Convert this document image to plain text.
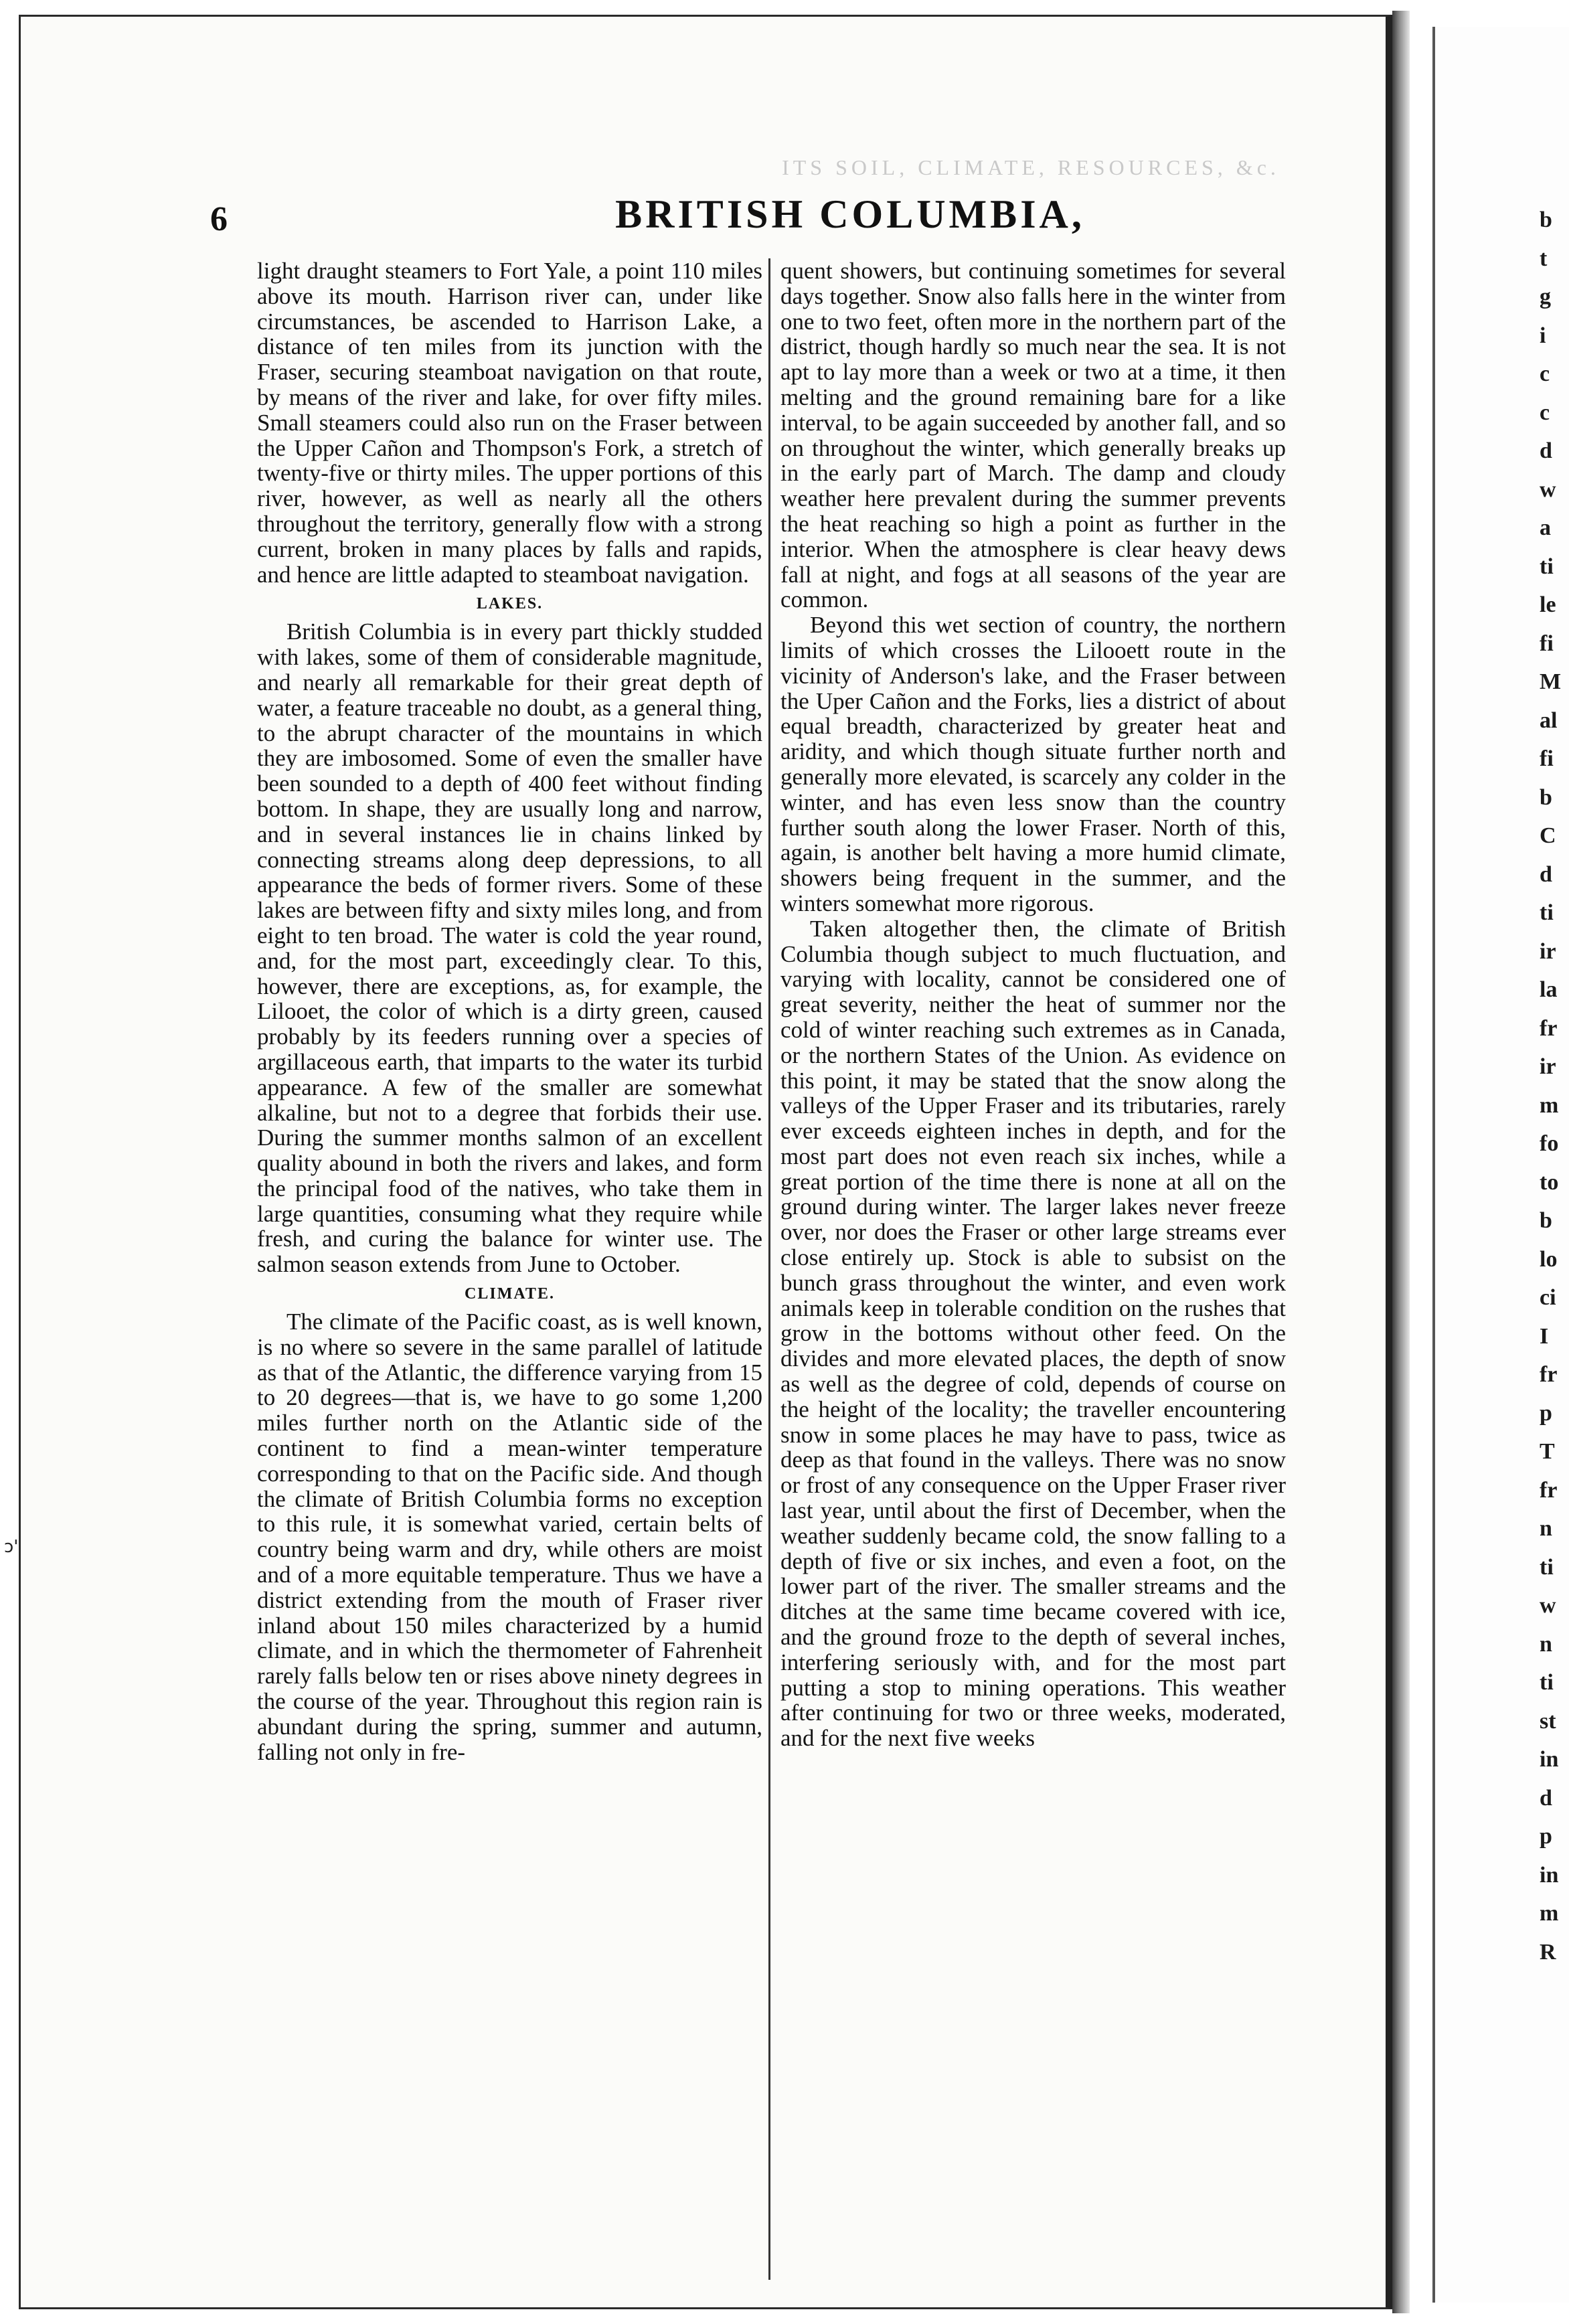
ITS SOIL, CLIMATE, RESOURCES, &c.
6	BRITISH COLUMBIA,

light draught steamers to Fort Yale, a point 110 miles above its mouth. Harrison river can, under like circumstances, be ascended to Harrison Lake, a distance of ten miles from its junction with the Fraser, securing steamboat navigation on that route, by means of the river and lake, for over fifty miles. Small steamers could also run on the Fraser between the Upper Cañon and Thompson's Fork, a stretch of twenty-five or thirty miles. The upper portions of this river, however, as well as nearly all the others throughout the territory, generally flow with a strong current, broken in many places by falls and rapids, and hence are little adapted to steamboat navigation.

LAKES.

British Columbia is in every part thickly studded with lakes, some of them of considerable magnitude, and nearly all remarkable for their great depth of water, a feature traceable no doubt, as a general thing, to the abrupt character of the mountains in which they are imbosomed. Some of even the smaller have been sounded to a depth of 400 feet without finding bottom. In shape, they are usually long and narrow, and in several instances lie in chains linked by connecting streams along deep depressions, to all appearance the beds of former rivers. Some of these lakes are between fifty and sixty miles long, and from eight to ten broad. The water is cold the year round, and, for the most part, exceedingly clear. To this, however, there are exceptions, as, for example, the Lilooet, the color of which is a dirty green, caused probably by its feeders running over a species of argillaceous earth, that imparts to the water its turbid appearance. A few of the smaller are somewhat alkaline, but not to a degree that forbids their use. During the summer months salmon of an excellent quality abound in both the rivers and lakes, and form the principal food of the natives, who take them in large quantities, consuming what they require while fresh, and curing the balance for winter use. The salmon season extends from June to October.

CLIMATE.

The climate of the Pacific coast, as is well known, is no where so severe in the same parallel of latitude as that of the Atlantic, the difference varying from 15 to 20 degrees—that is, we have to go some 1,200 miles further north on the Atlantic side of the continent to find a mean-winter temperature corresponding to that on the Pacific side. And though the climate of British Columbia forms no exception to this rule, it is somewhat varied, certain belts of country being warm and dry, while others are moist and of a more equitable temperature. Thus we have a district extending from the mouth of Fraser river inland about 150 miles characterized by a humid climate, and in which the thermometer of Fahrenheit rarely falls below ten or rises above ninety degrees in the course of the year. Throughout this region rain is abundant during the spring, summer and autumn, falling not only in fre-

quent showers, but continuing sometimes for several days together. Snow also falls here in the winter from one to two feet, often more in the northern part of the district, though hardly so much near the sea. It is not apt to lay more than a week or two at a time, it then melting and the ground remaining bare for a like interval, to be again succeeded by another fall, and so on throughout the winter, which generally breaks up in the early part of March. The damp and cloudy weather here prevalent during the summer prevents the heat reaching so high a point as further in the interior. When the atmosphere is clear heavy dews fall at night, and fogs at all seasons of the year are common.

Beyond this wet section of country, the northern limits of which crosses the Lilooett route in the vicinity of Anderson's lake, and the Fraser between the Uper Cañon and the Forks, lies a district of about equal breadth, characterized by greater heat and aridity, and which though situate further north and generally more elevated, is scarcely any colder in the winter, and has even less snow than the country further south along the lower Fraser. North of this, again, is another belt having a more humid climate, showers being frequent in the summer, and the winters somewhat more rigorous.

Taken altogether then, the climate of British Columbia though subject to much fluctuation, and varying with locality, cannot be considered one of great severity, neither the heat of summer nor the cold of winter reaching such extremes as in Canada, or the northern States of the Union. As evidence on this point, it may be stated that the snow along the valleys of the Upper Fraser and its tributaries, rarely ever exceeds eighteen inches in depth, and for the most part does not even reach six inches, while a great portion of the time there is none at all on the ground during winter. The larger lakes never freeze over, nor does the Fraser or other large streams ever close entirely up. Stock is able to subsist on the bunch grass throughout the winter, and even work animals keep in tolerable condition on the rushes that grow in the bottoms without other feed. On the divides and more elevated places, the depth of snow as well as the degree of cold, depends of course on the height of the locality; the traveller encountering snow in some places he may have to pass, twice as deep as that found in the valleys. There was no snow or frost of any consequence on the Upper Fraser river last year, until about the first of December, when the weather suddenly became cold, the snow falling to a depth of five or six inches, and even a foot, on the lower part of the river. The smaller streams and the ditches at the same time became covered with ice, and the ground froze to the depth of several inches, interfering seriously with, and for the most part putting a stop to mining operations. This weather after continuing for two or three weeks, moderated, and for the next five weeks

b
t
g
i
c
c
d
w
a
ti
le
fi
M
al
fi
b
C
d
ti
ir
la
fr
ir
m
fo
to
b
lo
ci
I
fr
p
T
fr
n
ti
w
n
ti
st
in
d
p
in
m
R
ↄ'
